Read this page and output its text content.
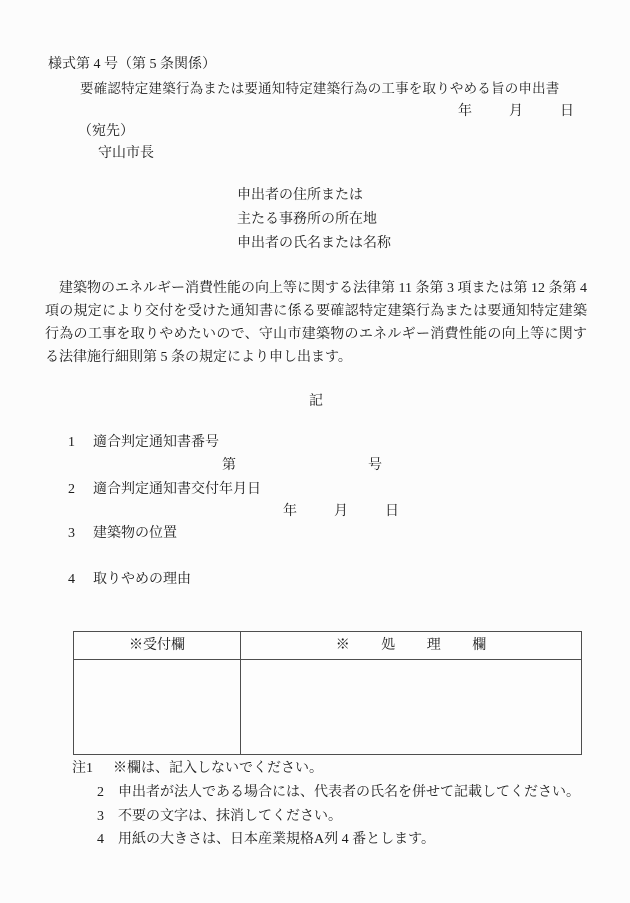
様式第 4 号（第 5 条関係）
要確認特定建築行為または要通知特定建築行為の工事を取りやめる旨の申出書
年	月	日
（宛先）
守山市長
申出者の住所または
主たる事務所の所在地
申出者の氏名または名称
建築物のエネルギー消費性能の向上等に関する法律第 11 条第 3 項または第 12 条第 4 項の規定により交付を受けた通知書に係る要確認特定建築行為または要通知特定建築行為の工事を取りやめたいので、守山市建築物のエネルギー消費性能の向上等に関する法律施行細則第 5 条の規定により申し出ます。
記
1	適合判定通知書番号
第	号
2	適合判定通知書交付年月日
年	月	日
3	建築物の位置
4	取りやめの理由
※受付欄	※ 処 理 欄
注1	※欄は、記入しないでください。
2	申出者が法人である場合には、代表者の氏名を併せて記載してください。
3	不要の文字は、抹消してください。
4	用紙の大きさは、日本産業規格A列 4 番とします。
